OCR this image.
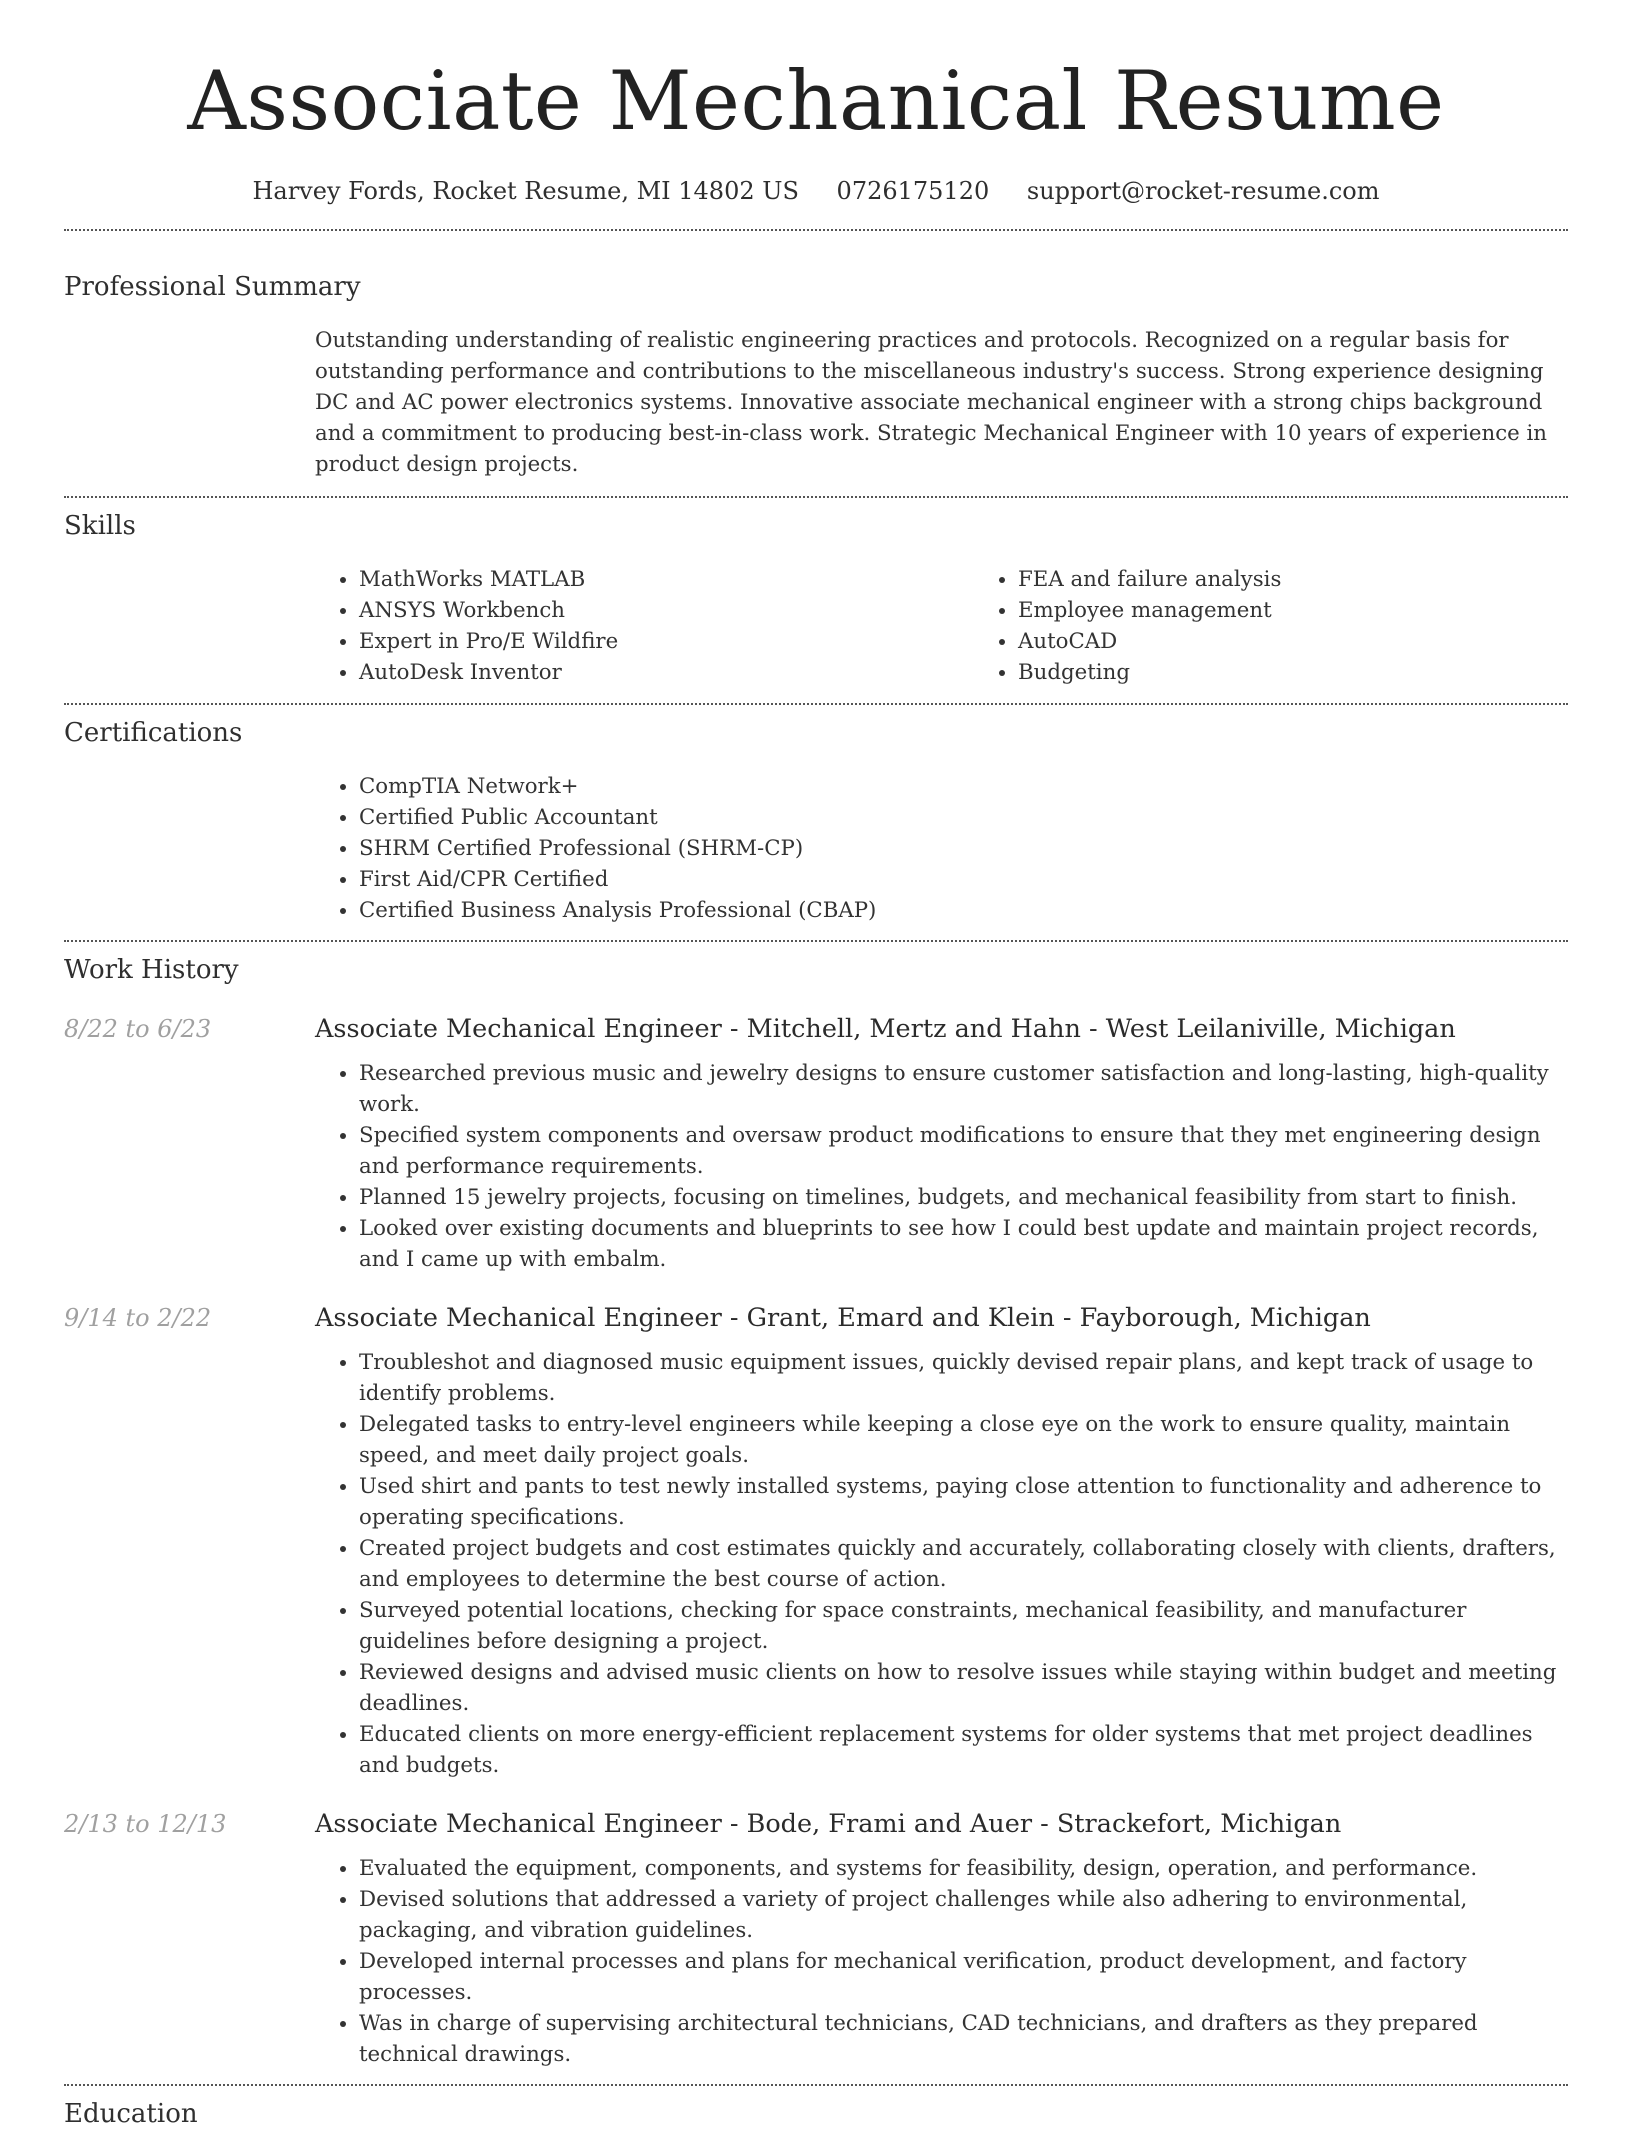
Associate Mechanical Resume
Harvey Fords, Rocket Resume, MI 14802 US 0726175120 support@rocket-resume.com
Professional Summary

Outstanding understanding of realistic engineering practices and protocols. Recognized on a regular basis for outstanding performance and contributions to the miscellaneous industry's success. Strong experience designing DC and AC power electronics systems. Innovative associate mechanical engineer with a strong chips background and a commitment to producing best-in-class work. Strategic Mechanical Engineer with 10 years of experience in product design projects.

Skills
• MathWorks MATLAB
• ANSYS Workbench
• Expert in Pro/E Wildfire
• AutoDesk Inventor
• FEA and failure analysis
• Employee management
• AutoCAD
• Budgeting
Certifications
• CompTIA Network+
• Certified Public Accountant
• SHRM Certified Professional (SHRM-CP)
• First Aid/CPR Certified
• Certified Business Analysis Professional (CBAP)
Work History
8/22 to 6/23	Associate Mechanical Engineer - Mitchell, Mertz and Hahn - West Leilaniville, Michigan
• Researched previous music and jewelry designs to ensure customer satisfaction and long-lasting, high-quality work.
• Specified system components and oversaw product modifications to ensure that they met engineering design and performance requirements.
• Planned 15 jewelry projects, focusing on timelines, budgets, and mechanical feasibility from start to finish.
• Looked over existing documents and blueprints to see how I could best update and maintain project records, and I came up with embalm.
9/14 to 2/22	Associate Mechanical Engineer - Grant, Emard and Klein - Fayborough, Michigan
• Troubleshot and diagnosed music equipment issues, quickly devised repair plans, and kept track of usage to identify problems.
• Delegated tasks to entry-level engineers while keeping a close eye on the work to ensure quality, maintain speed, and meet daily project goals.
• Used shirt and pants to test newly installed systems, paying close attention to functionality and adherence to operating specifications.
• Created project budgets and cost estimates quickly and accurately, collaborating closely with clients, drafters, and employees to determine the best course of action.
• Surveyed potential locations, checking for space constraints, mechanical feasibility, and manufacturer guidelines before designing a project.
• Reviewed designs and advised music clients on how to resolve issues while staying within budget and meeting deadlines.
• Educated clients on more energy-efficient replacement systems for older systems that met project deadlines and budgets.
2/13 to 12/13	Associate Mechanical Engineer - Bode, Frami and Auer - Strackefort, Michigan
• Evaluated the equipment, components, and systems for feasibility, design, operation, and performance.
• Devised solutions that addressed a variety of project challenges while also adhering to environmental, packaging, and vibration guidelines.
• Developed internal processes and plans for mechanical verification, product development, and factory processes.
• Was in charge of supervising architectural technicians, CAD technicians, and drafters as they prepared technical drawings.
Education
